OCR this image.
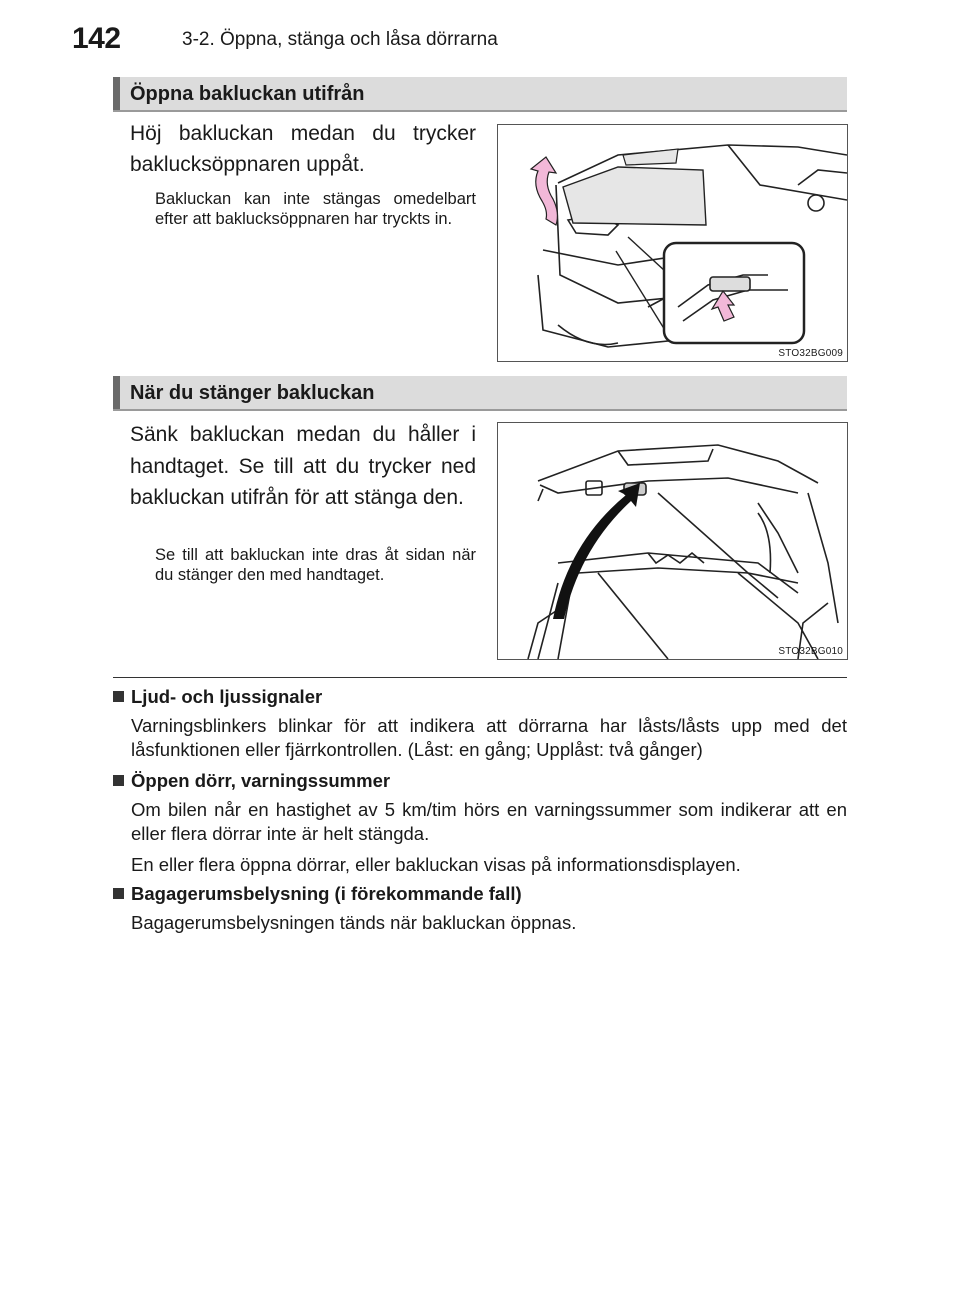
142	3-2. Öppna, stänga och låsa dörrarna
Öppna bakluckan utifrån
Höj bakluckan medan du trycker baklucksöppnaren uppåt.
Bakluckan kan inte stängas omedelbart efter att baklucksöppnaren har tryckts in.
STO32BG009
När du stänger bakluckan
Sänk bakluckan medan du håller i handtaget. Se till att du trycker ned bakluckan utifrån för att stänga den.
Se till att bakluckan inte dras åt sidan när du stänger den med handtaget.
STO32BG010
Ljud- och ljussignaler
Varningsblinkers blinkar för att indikera att dörrarna har låsts/låsts upp med det låsfunktionen eller fjärrkontrollen. (Låst: en gång; Upplåst: två gånger)
Öppen dörr, varningssummer
Om bilen når en hastighet av 5 km/tim hörs en varningssummer som indikerar att en eller flera dörrar inte är helt stängda.
En eller flera öppna dörrar, eller bakluckan visas på informationsdisplayen.
Bagagerumsbelysning (i förekommande fall)
Bagagerumsbelysningen tänds när bakluckan öppnas.
